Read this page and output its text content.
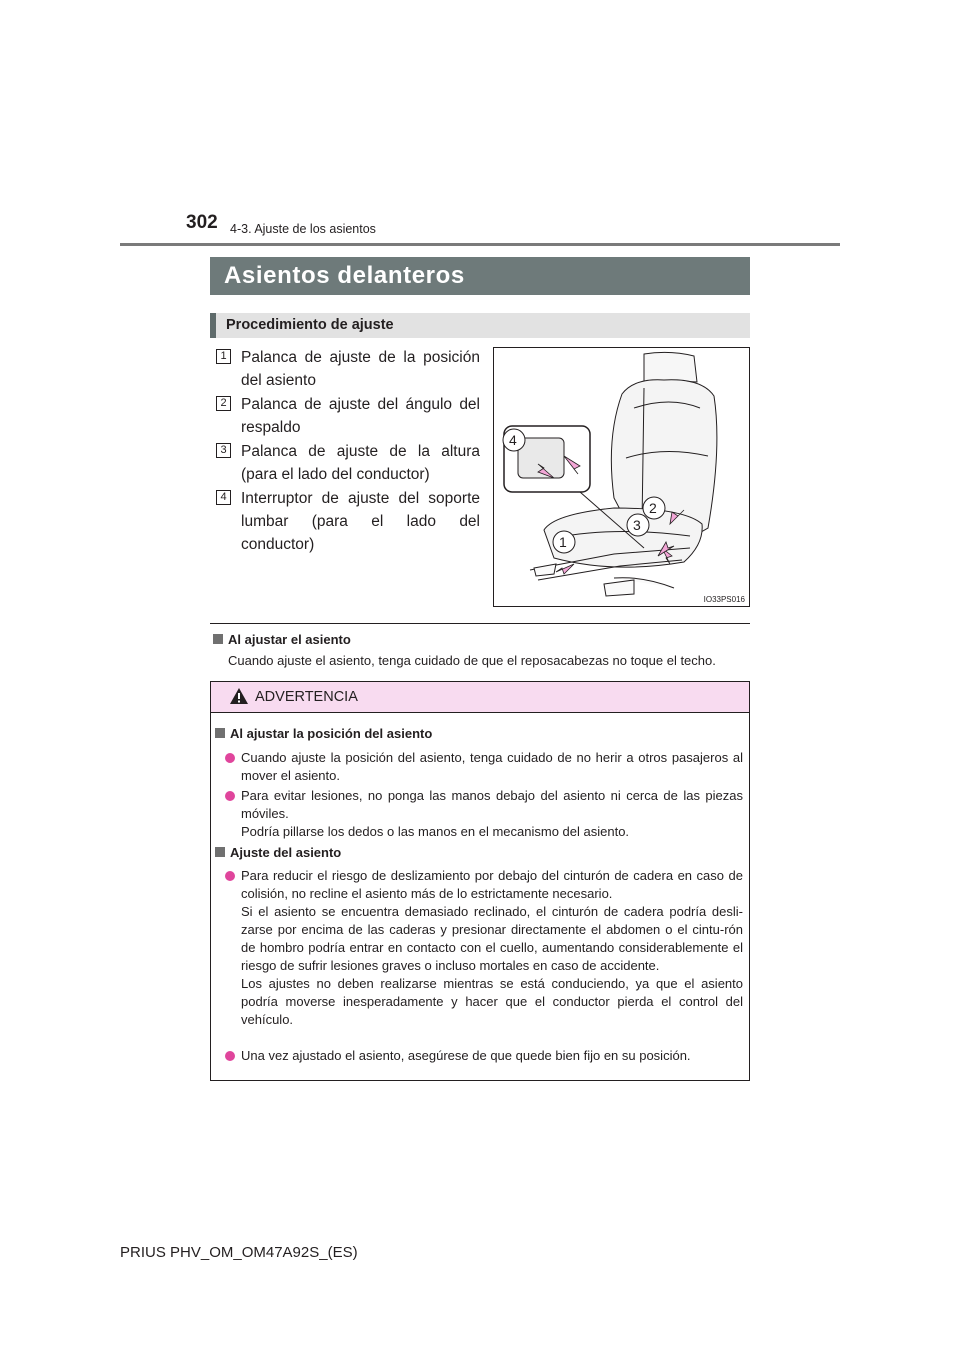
302 4-3. Ajuste de los asientos
Asientos delanteros
Procedimiento de ajuste
1 Palanca de ajuste de la posición del asiento
2 Palanca de ajuste del ángulo del respaldo
3 Palanca de ajuste de la altura (para el lado del conductor)
4 Interruptor de ajuste del soporte lumbar (para el lado del conductor)
4
2
3
1
IO33PS016
Al ajustar el asiento
Cuando ajuste el asiento, tenga cuidado de que el reposacabezas no toque el techo.
ADVERTENCIA
Al ajustar la posición del asiento

Cuando ajuste la posición del asiento, tenga cuidado de no herir a otros pasajeros al mover el asiento.

Para evitar lesiones, no ponga las manos debajo del asiento ni cerca de las piezas móviles.

Podría pillarse los dedos o las manos en el mecanismo del asiento.

Ajuste del asiento

Para reducir el riesgo de deslizamiento por debajo del cinturón de cadera en caso de colisión, no recline el asiento más de lo estrictamente necesario.

Si el asiento se encuentra demasiado reclinado, el cinturón de cadera podría desli-zarse por encima de las caderas y presionar directamente el abdomen o el cintu-rón de hombro podría entrar en contacto con el cuello, aumentando considerablemente el riesgo de sufrir lesiones graves o incluso mortales en caso de accidente.

Los ajustes no deben realizarse mientras se está conduciendo, ya que el asiento podría moverse inesperadamente y hacer que el conductor pierda el control del vehículo.

Una vez ajustado el asiento, asegúrese de que quede bien fijo en su posición.

PRIUS PHV_OM_OM47A92S_(ES)
